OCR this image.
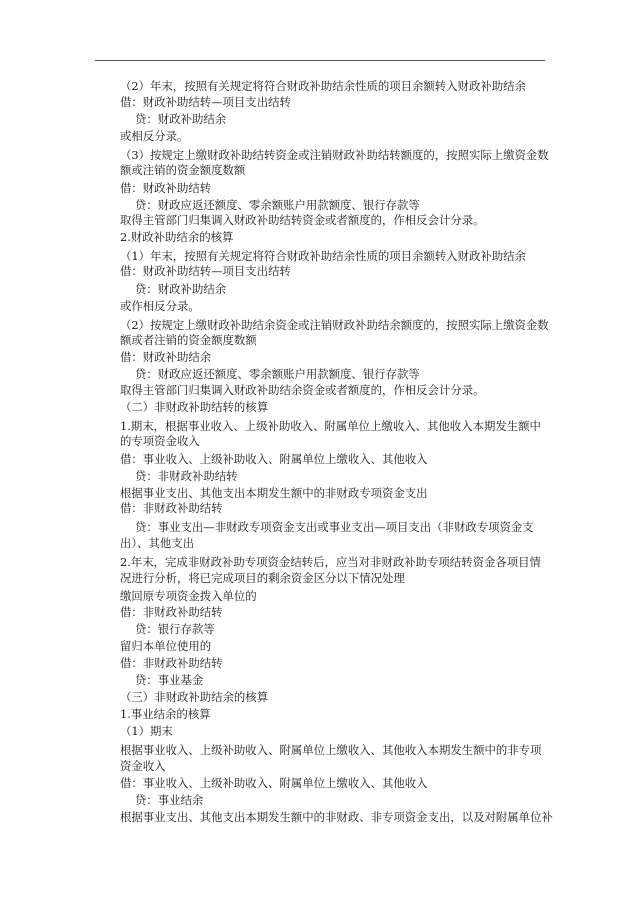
（2）年末，按照有关规定将符合财政补助结余性质的项目余额转入财政补助结余
借：财政补助结转—项目支出结转
贷：财政补助结余
或相反分录。
（3）按规定上缴财政补助结转资金或注销财政补助结转额度的，按照实际上缴资金数
额或注销的资金额度数额
借：财政补助结转
贷：财政应返还额度、零余额账户用款额度、银行存款等
取得主管部门归集调入财政补助结转资金或者额度的，作相反会计分录。
2.财政补助结余的核算
（1）年末，按照有关规定将符合财政补助结余性质的项目余额转入财政补助结余
借：财政补助结转—项目支出结转
贷：财政补助结余
或作相反分录。
（2）按规定上缴财政补助结余资金或注销财政补助结余额度的，按照实际上缴资金数
额或者注销的资金额度数额
借：财政补助结余
贷：财政应返还额度、零余额账户用款额度、银行存款等
取得主管部门归集调入财政补助结余资金或者额度的，作相反会计分录。
（二）非财政补助结转的核算
1.期末，根据事业收入、上级补助收入、附属单位上缴收入、其他收入本期发生额中
的专项资金收入
借：事业收入、上级补助收入、附属单位上缴收入、其他收入
贷：非财政补助结转
根据事业支出、其他支出本期发生额中的非财政专项资金支出
借：非财政补助结转
贷：事业支出—非财政专项资金支出或事业支出—项目支出（非财政专项资金支
出）、其他支出
2.年末，完成非财政补助专项资金结转后，应当对非财政补助专项结转资金各项目情
况进行分析，将已完成项目的剩余资金区分以下情况处理
缴回原专项资金拨入单位的
借：非财政补助结转
贷：银行存款等
留归本单位使用的
借：非财政补助结转
贷：事业基金
（三）非财政补助结余的核算
1.事业结余的核算
（1）期末
根据事业收入、上级补助收入、附属单位上缴收入、其他收入本期发生额中的非专项
资金收入
借：事业收入、上级补助收入、附属单位上缴收入、其他收入
贷：事业结余
根据事业支出、其他支出本期发生额中的非财政、非专项资金支出，以及对附属单位补
